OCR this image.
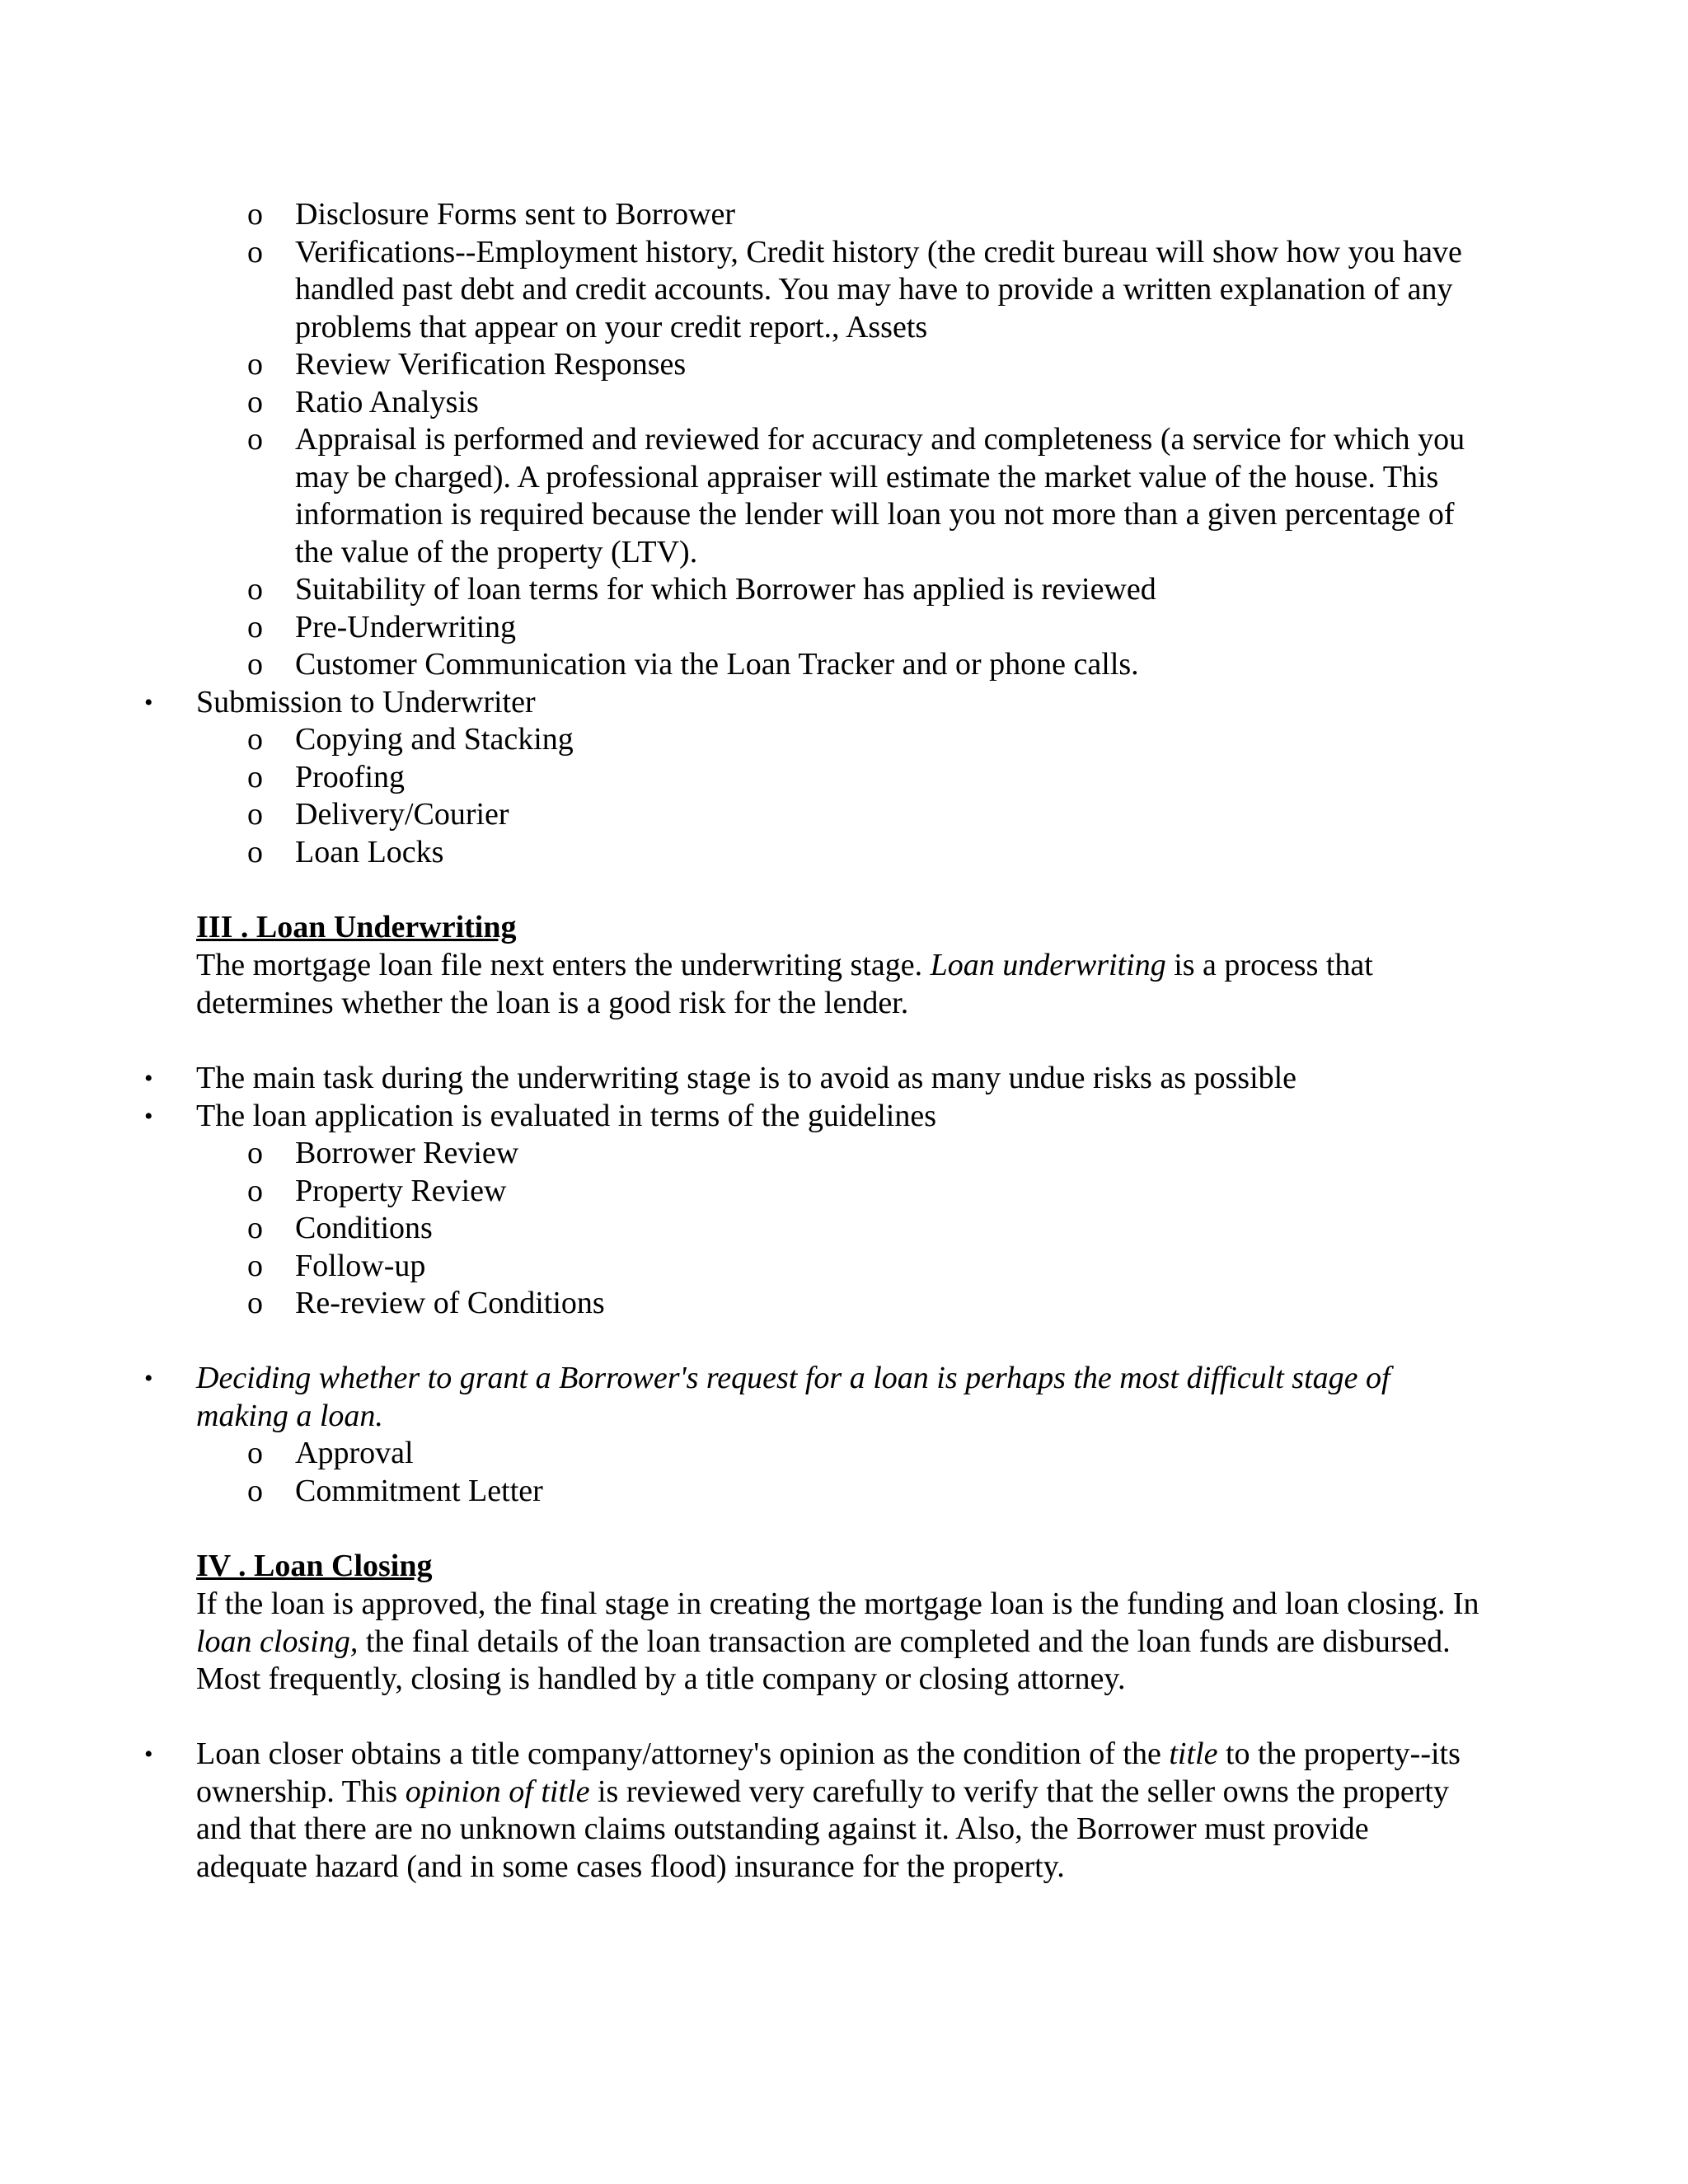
o Disclosure Forms sent to Borrower
o Verifications--Employment history, Credit history (the credit bureau will show how you have handled past debt and credit accounts. You may have to provide a written explanation of any problems that appear on your credit report., Assets
o Review Verification Responses
o Ratio Analysis
o Appraisal is performed and reviewed for accuracy and completeness (a service for which you may be charged). A professional appraiser will estimate the market value of the house. This information is required because the lender will loan you not more than a given percentage of the value of the property (LTV).
o Suitability of loan terms for which Borrower has applied is reviewed
o Pre-Underwriting
o Customer Communication via the Loan Tracker and or phone calls.
• Submission to Underwriter
o Copying and Stacking
o Proofing
o Delivery/Courier
o Loan Locks
III . Loan Underwriting
The mortgage loan file next enters the underwriting stage. Loan underwriting is a process that determines whether the loan is a good risk for the lender.
• The main task during the underwriting stage is to avoid as many undue risks as possible
• The loan application is evaluated in terms of the guidelines
o Borrower Review
o Property Review
o Conditions
o Follow-up
o Re-review of Conditions
• Deciding whether to grant a Borrower's request for a loan is perhaps the most difficult stage of making a loan.
o Approval
o Commitment Letter
IV . Loan Closing
If the loan is approved, the final stage in creating the mortgage loan is the funding and loan closing. In loan closing, the final details of the loan transaction are completed and the loan funds are disbursed. Most frequently, closing is handled by a title company or closing attorney.
• Loan closer obtains a title company/attorney's opinion as the condition of the title to the property--its ownership. This opinion of title is reviewed very carefully to verify that the seller owns the property and that there are no unknown claims outstanding against it. Also, the Borrower must provide adequate hazard (and in some cases flood) insurance for the property.
